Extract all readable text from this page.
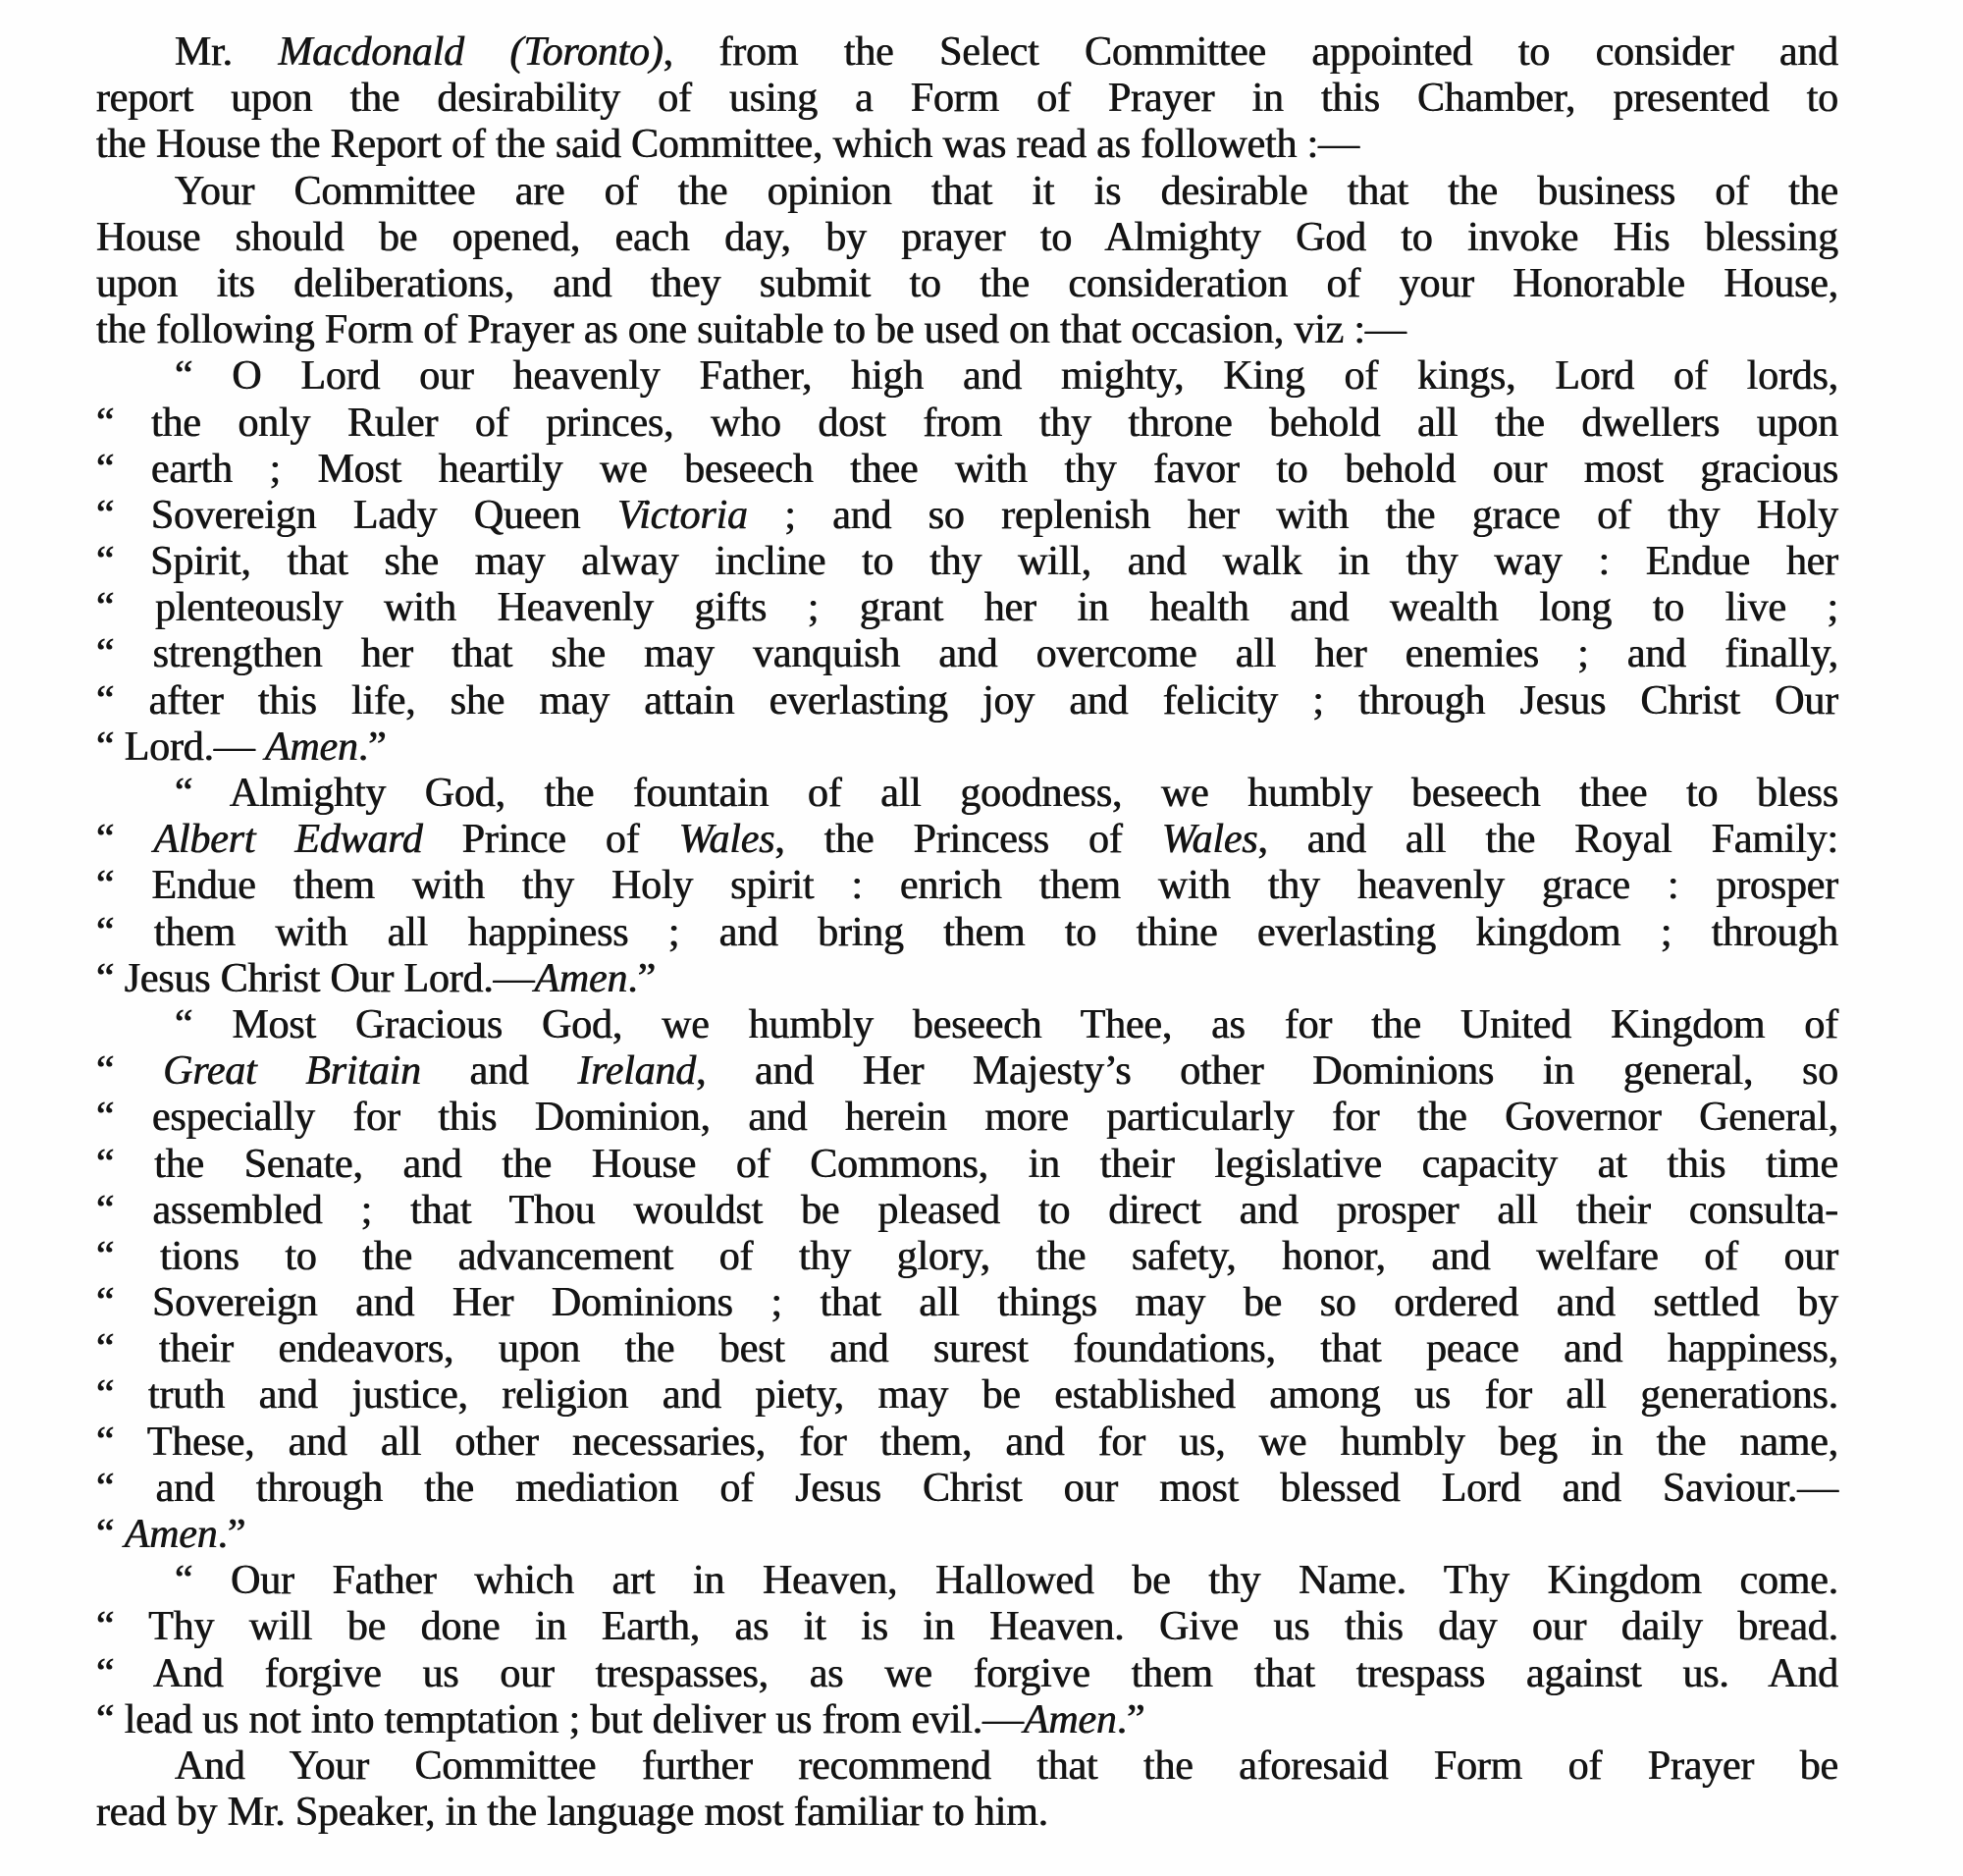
Mr. Macdonald (Toronto), from the Select Committee appointed to consider and
report upon the desirability of using a Form of Prayer in this Chamber, presented to
the House the Report of the said Committee, which was read as followeth :—
Your Committee are of the opinion that it is desirable that the business of the
House should be opened, each day, by prayer to Almighty God to invoke His blessing
upon its deliberations, and they submit to the consideration of your Honorable House,
the following Form of Prayer as one suitable to be used on that occasion, viz :—
“ O Lord our heavenly Father, high and mighty, King of kings, Lord of lords,
“ the only Ruler of princes, who dost from thy throne behold all the dwellers upon
“ earth ; Most heartily we beseech thee with thy favor to behold our most gracious
“ Sovereign Lady Queen Victoria ; and so replenish her with the grace of thy Holy
“ Spirit, that she may alway incline to thy will, and walk in thy way : Endue her
“ plenteously with Heavenly gifts ; grant her in health and wealth long to live ;
“ strengthen her that she may vanquish and overcome all her enemies ; and finally,
“ after this life, she may attain everlasting joy and felicity ; through Jesus Christ Our
“ Lord.— Amen.”
“ Almighty God, the fountain of all goodness, we humbly beseech thee to bless
“ Albert Edward Prince of Wales, the Princess of Wales, and all the Royal Family:
“ Endue them with thy Holy spirit : enrich them with thy heavenly grace : prosper
“ them with all happiness ; and bring them to thine everlasting kingdom ; through
“ Jesus Christ Our Lord.—Amen.”
“ Most Gracious God, we humbly beseech Thee, as for the United Kingdom of
“ Great Britain and Ireland, and Her Majesty’s other Dominions in general, so
“ especially for this Dominion, and herein more particularly for the Governor General,
“ the Senate, and the House of Commons, in their legislative capacity at this time
“ assembled ; that Thou wouldst be pleased to direct and prosper all their consulta-
“ tions to the advancement of thy glory, the safety, honor, and welfare of our
“ Sovereign and Her Dominions ; that all things may be so ordered and settled by
“ their endeavors, upon the best and surest foundations, that peace and happiness,
“ truth and justice, religion and piety, may be established among us for all generations.
“ These, and all other necessaries, for them, and for us, we humbly beg in the name,
“ and through the mediation of Jesus Christ our most blessed Lord and Saviour.—
“ Amen.”
“ Our Father which art in Heaven, Hallowed be thy Name. Thy Kingdom come.
“ Thy will be done in Earth, as it is in Heaven. Give us this day our daily bread.
“ And forgive us our trespasses, as we forgive them that trespass against us. And
“ lead us not into temptation ; but deliver us from evil.—Amen.”
And Your Committee further recommend that the aforesaid Form of Prayer be
read by Mr. Speaker, in the language most familiar to him.
